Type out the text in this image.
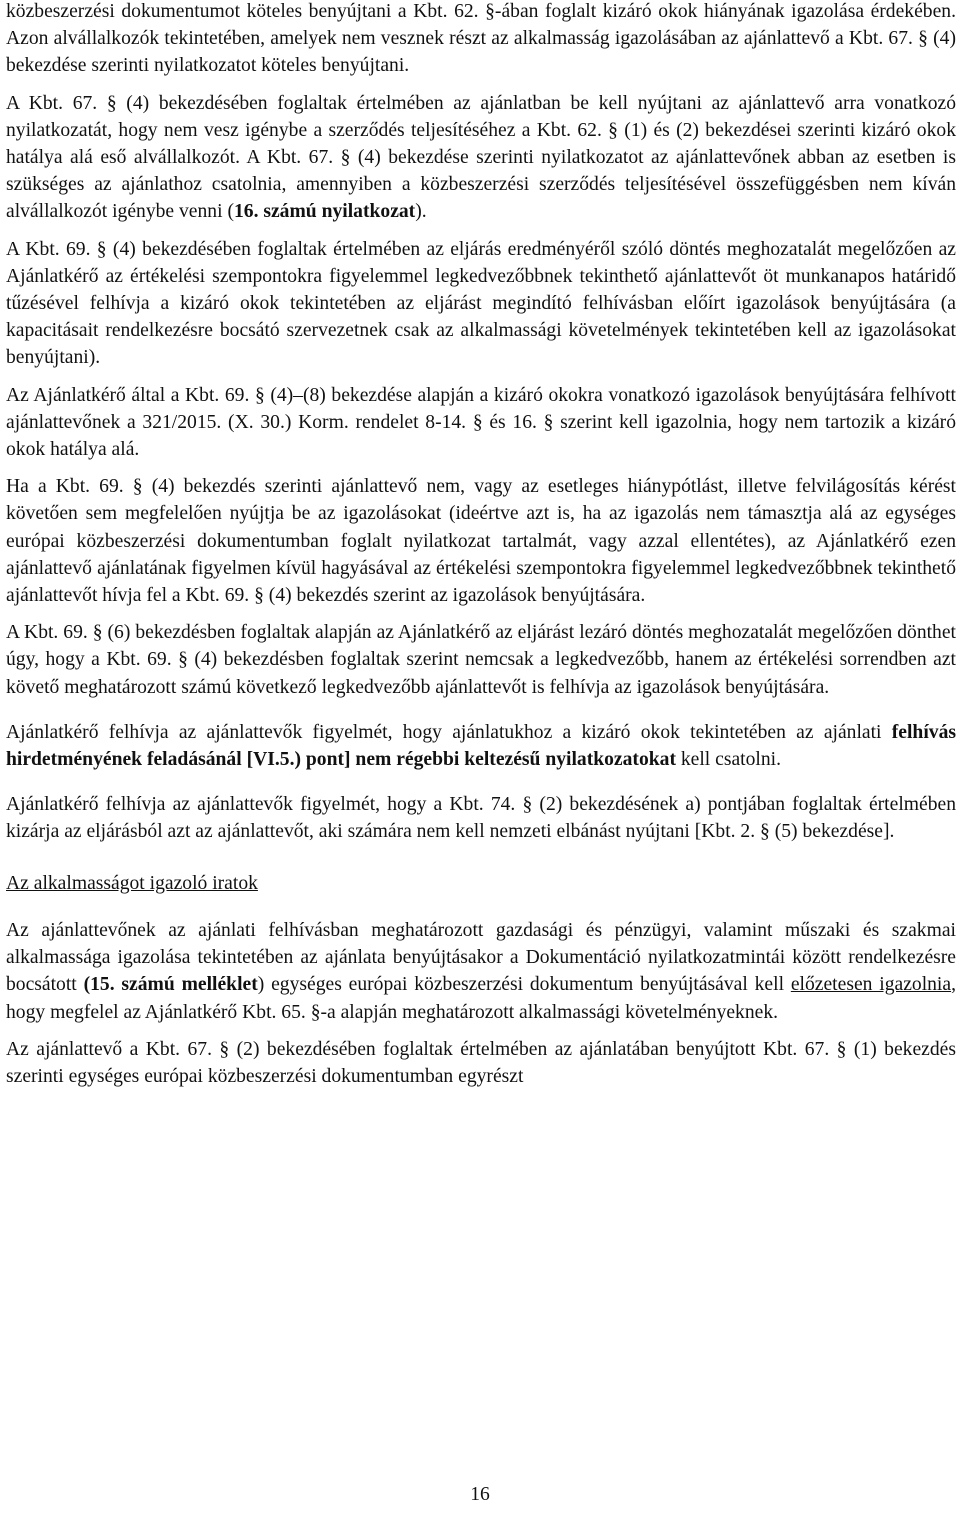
közbeszerzési dokumentumot köteles benyújtani a Kbt. 62. §-ában foglalt kizáró okok hiányának igazolása érdekében. Azon alvállalkozók tekintetében, amelyek nem vesznek részt az alkalmasság igazolásában az ajánlattevő a Kbt. 67. § (4) bekezdése szerinti nyilatkozatot köteles benyújtani.

A Kbt. 67. § (4) bekezdésében foglaltak értelmében az ajánlatban be kell nyújtani az ajánlattevő arra vonatkozó nyilatkozatát, hogy nem vesz igénybe a szerződés teljesítéséhez a Kbt. 62. § (1) és (2) bekezdései szerinti kizáró okok hatálya alá eső alvállalkozót. A Kbt. 67. § (4) bekezdése szerinti nyilatkozatot az ajánlattevőnek abban az esetben is szükséges az ajánlathoz csatolnia, amennyiben a közbeszerzési szerződés teljesítésével összefüggésben nem kíván alvállalkozót igénybe venni (16. számú nyilatkozat).

A Kbt. 69. § (4) bekezdésében foglaltak értelmében az eljárás eredményéről szóló döntés meghozatalát megelőzően az Ajánlatkérő az értékelési szempontokra figyelemmel legkedvezőbbnek tekinthető ajánlattevőt öt munkanapos határidő tűzésével felhívja a kizáró okok tekintetében az eljárást megindító felhívásban előírt igazolások benyújtására (a kapacitásait rendelkezésre bocsátó szervezetnek csak az alkalmassági követelmények tekintetében kell az igazolásokat benyújtani).

Az Ajánlatkérő által a Kbt. 69. § (4)–(8) bekezdése alapján a kizáró okokra vonatkozó igazolások benyújtására felhívott ajánlattevőnek a 321/2015. (X. 30.) Korm. rendelet 8-14. § és 16. § szerint kell igazolnia, hogy nem tartozik a kizáró okok hatálya alá.

Ha a Kbt. 69. § (4) bekezdés szerinti ajánlattevő nem, vagy az esetleges hiánypótlást, illetve felvilágosítás kérést követően sem megfelelően nyújtja be az igazolásokat (ideértve azt is, ha az igazolás nem támasztja alá az egységes európai közbeszerzési dokumentumban foglalt nyilatkozat tartalmát, vagy azzal ellentétes), az Ajánlatkérő ezen ajánlattevő ajánlatának figyelmen kívül hagyásával az értékelési szempontokra figyelemmel legkedvezőbbnek tekinthető ajánlattevőt hívja fel a Kbt. 69. § (4) bekezdés szerint az igazolások benyújtására.

A Kbt. 69. § (6) bekezdésben foglaltak alapján az Ajánlatkérő az eljárást lezáró döntés meghozatalát megelőzően dönthet úgy, hogy a Kbt. 69. § (4) bekezdésben foglaltak szerint nemcsak a legkedvezőbb, hanem az értékelési sorrendben azt követő meghatározott számú következő legkedvezőbb ajánlattevőt is felhívja az igazolások benyújtására.

Ajánlatkérő felhívja az ajánlattevők figyelmét, hogy ajánlatukhoz a kizáró okok tekintetében az ajánlati felhívás hirdetményének feladásánál [VI.5.) pont] nem régebbi keltezésű nyilatkozatokat kell csatolni.

Ajánlatkérő felhívja az ajánlattevők figyelmét, hogy a Kbt. 74. § (2) bekezdésének a) pontjában foglaltak értelmében kizárja az eljárásból azt az ajánlattevőt, aki számára nem kell nemzeti elbánást nyújtani [Kbt. 2. § (5) bekezdése].

Az alkalmasságot igazoló iratok

Az ajánlattevőnek az ajánlati felhívásban meghatározott gazdasági és pénzügyi, valamint műszaki és szakmai alkalmassága igazolása tekintetében az ajánlata benyújtásakor a Dokumentáció nyilatkozatmintái között rendelkezésre bocsátott (15. számú melléklet) egységes európai közbeszerzési dokumentum benyújtásával kell előzetesen igazolnia, hogy megfelel az Ajánlatkérő Kbt. 65. §-a alapján meghatározott alkalmassági követelményeknek.

Az ajánlattevő a Kbt. 67. § (2) bekezdésében foglaltak értelmében az ajánlatában benyújtott Kbt. 67. § (1) bekezdés szerinti egységes európai közbeszerzési dokumentumban egyrészt

16
